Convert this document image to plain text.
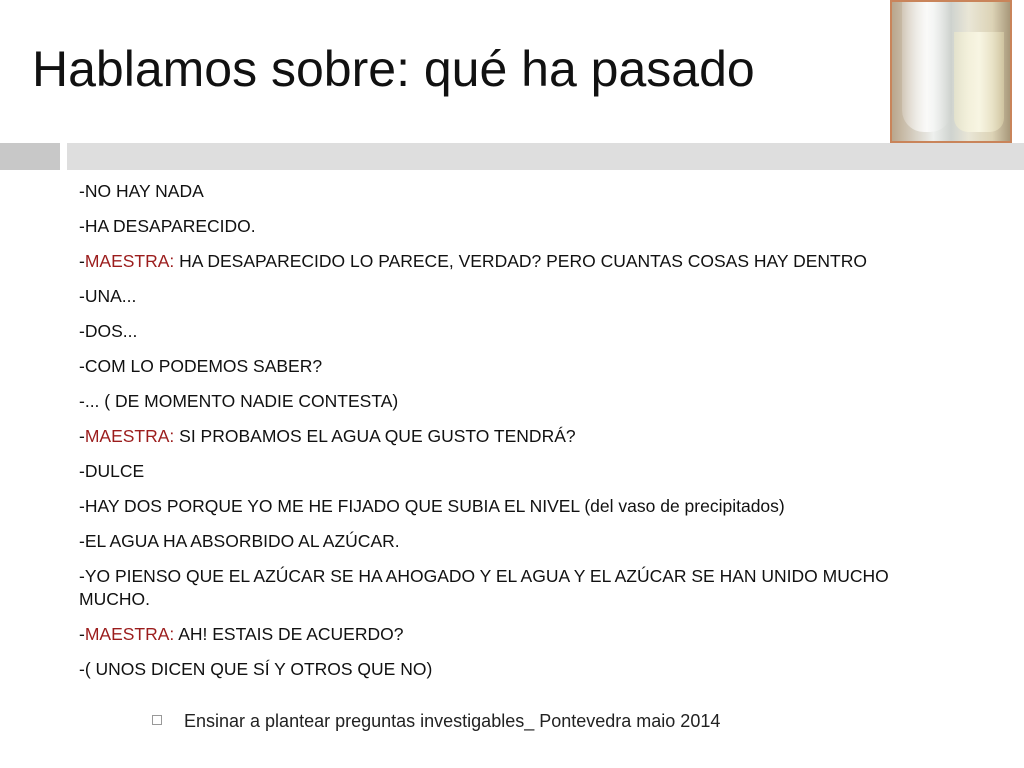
Hablamos sobre: qué ha pasado
-NO HAY NADA
-HA DESAPARECIDO.
-MAESTRA: HA DESAPARECIDO LO PARECE, VERDAD? PERO CUANTAS COSAS HAY DENTRO
-UNA...
-DOS...
-COM LO PODEMOS SABER?
-... ( DE MOMENTO NADIE CONTESTA)
-MAESTRA: SI PROBAMOS EL AGUA QUE GUSTO TENDRÁ?
-DULCE
-HAY DOS PORQUE YO ME HE FIJADO QUE SUBIA EL NIVEL (del vaso de precipitados)
-EL AGUA HA ABSORBIDO AL AZÚCAR.
-YO PIENSO QUE EL AZÚCAR SE HA AHOGADO Y EL AGUA Y EL AZÚCAR SE HAN UNIDO MUCHO MUCHO.
-MAESTRA: AH! ESTAIS DE ACUERDO?
-( UNOS DICEN QUE SÍ Y OTROS QUE NO)
Ensinar a plantear preguntas investigables_ Pontevedra maio 2014
